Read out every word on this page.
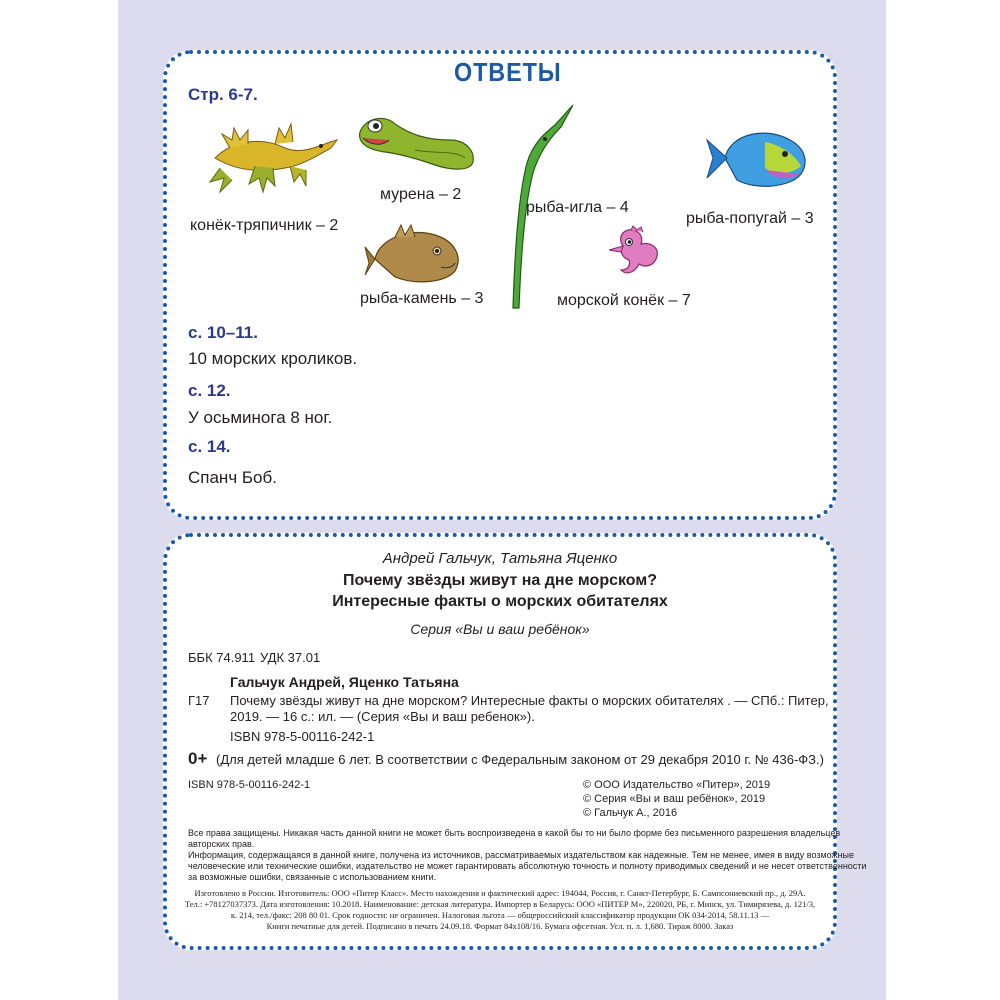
ОТВЕТЫ
Стр. 6-7.
конёк-тряпичник – 2
мурена – 2
рыба-игла – 4
рыба-попугай – 3
рыба-камень – 3	морской конёк – 7
с. 10–11.
10 морских кроликов.
с. 12.
У осьминога 8 ног.
с. 14.
Спанч Боб.
Андрей Гальчук, Татьяна Яценко
Почему звёзды живут на дне морском?
Интересные факты о морских обитателях
Серия «Вы и ваш ребёнок»
ББК 74.911 УДК 37.01
Гальчук Андрей, Яценко Татьяна
Г17 Почему звёзды живут на дне морском? Интересные факты о морских обитателях . — СПб.: Питер,
2019. — 16 с.: ил. — (Серия «Вы и ваш ребенок»).
ISBN 978-5-00116-242-1
0+ (Для детей младше 6 лет. В соответствии с Федеральным законом от 29 декабря 2010 г. № 436-ФЗ.)
ISBN 978-5-00116-242-1	© ООО Издательство «Питер», 2019
© Серия «Вы и ваш ребёнок», 2019
© Гальчук А., 2016
Все права защищены. Никакая часть данной книги не может быть воспроизведена в какой бы то ни было форме без письменного разрешения владельцев
авторских прав.
Информация, содержащаяся в данной книге, получена из источников, рассматриваемых издательством как надежные. Тем не менее, имея в виду возможные
человеческие или технические ошибки, издательство не может гарантировать абсолютную точность и полноту приводимых сведений и не несет ответственности
за возможные ошибки, связанные с использованием книги.
Изготовлено в России. Изготовитель: ООО «Питер Класс». Место нахождения и фактический адрес: 194044, Россия, г. Санкт-Петербург, Б. Сампсониевский пр., д. 29А.
Тел.: +78127037373. Дата изготовления: 10.2018. Наименование: детская литература. Импортер в Беларусь: ООО «ПИТЕР М», 220020, РБ, г. Минск, ул. Тимирязева, д. 121/3,
к. 214, тел./факс: 208 80 01. Срок годности: не ограничен. Налоговая льгота — общероссийский классификатор продукции ОК 034-2014, 58.11.13 —
Книги печатные для детей. Подписано в печать 24.09.18. Формат 84х108/16. Бумага офсетная. Усл. п. л. 1,680. Тираж 8000. Заказ
